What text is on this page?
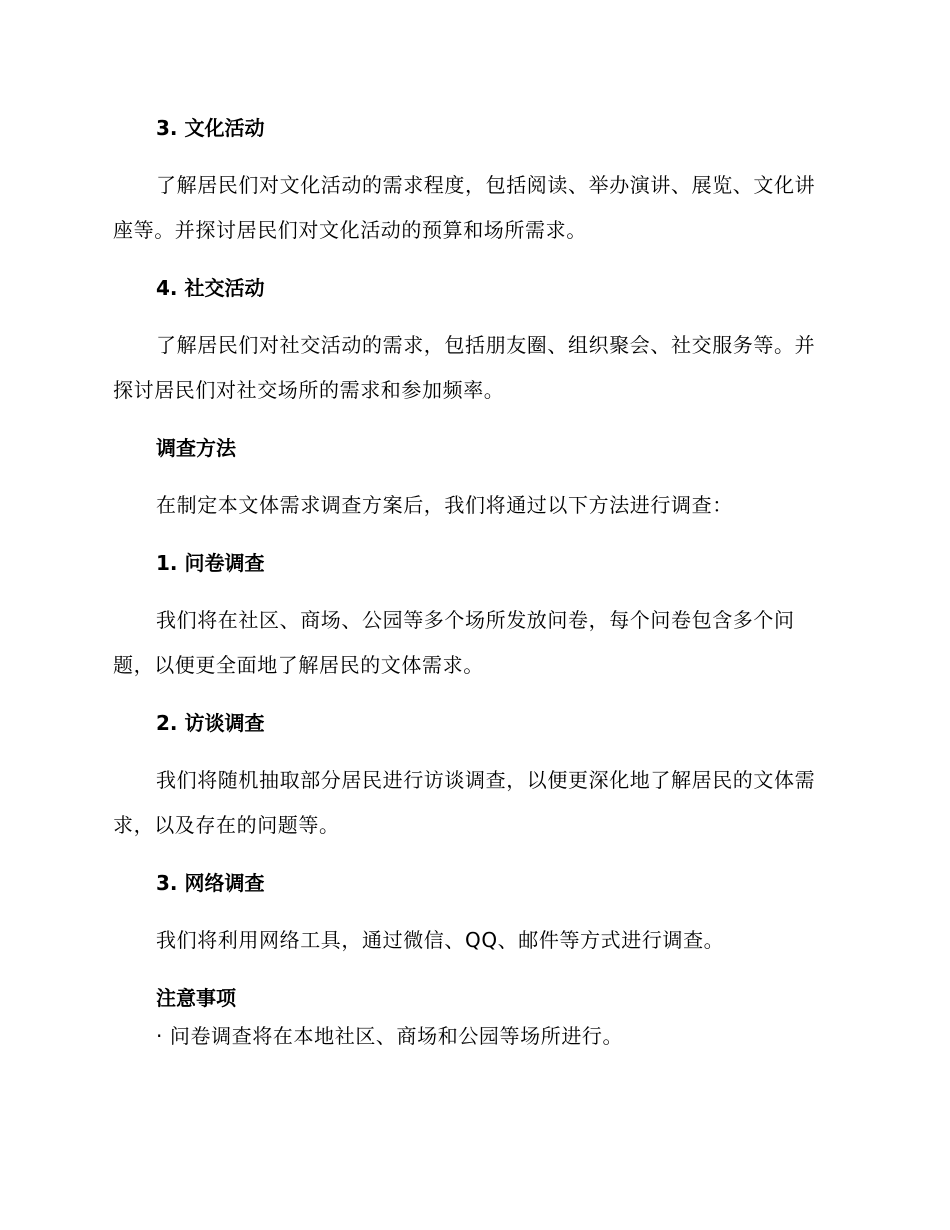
3. 文化活动

了解居民们对文化活动的需求程度，包括阅读、举办演讲、展览、文化讲座等。并探讨居民们对文化活动的预算和场所需求。

4. 社交活动

了解居民们对社交活动的需求，包括朋友圈、组织聚会、社交服务等。并探讨居民们对社交场所的需求和参加频率。

调查方法

在制定本文体需求调查方案后，我们将通过以下方法进行调查：

1. 问卷调查

我们将在社区、商场、公园等多个场所发放问卷，每个问卷包含多个问题，以便更全面地了解居民的文体需求。

2. 访谈调查

我们将随机抽取部分居民进行访谈调查，以便更深化地了解居民的文体需求，以及存在的问题等。

3. 网络调查

我们将利用网络工具，通过微信、QQ、邮件等方式进行调查。

注意事项

· 问卷调查将在本地社区、商场和公园等场所进行。
